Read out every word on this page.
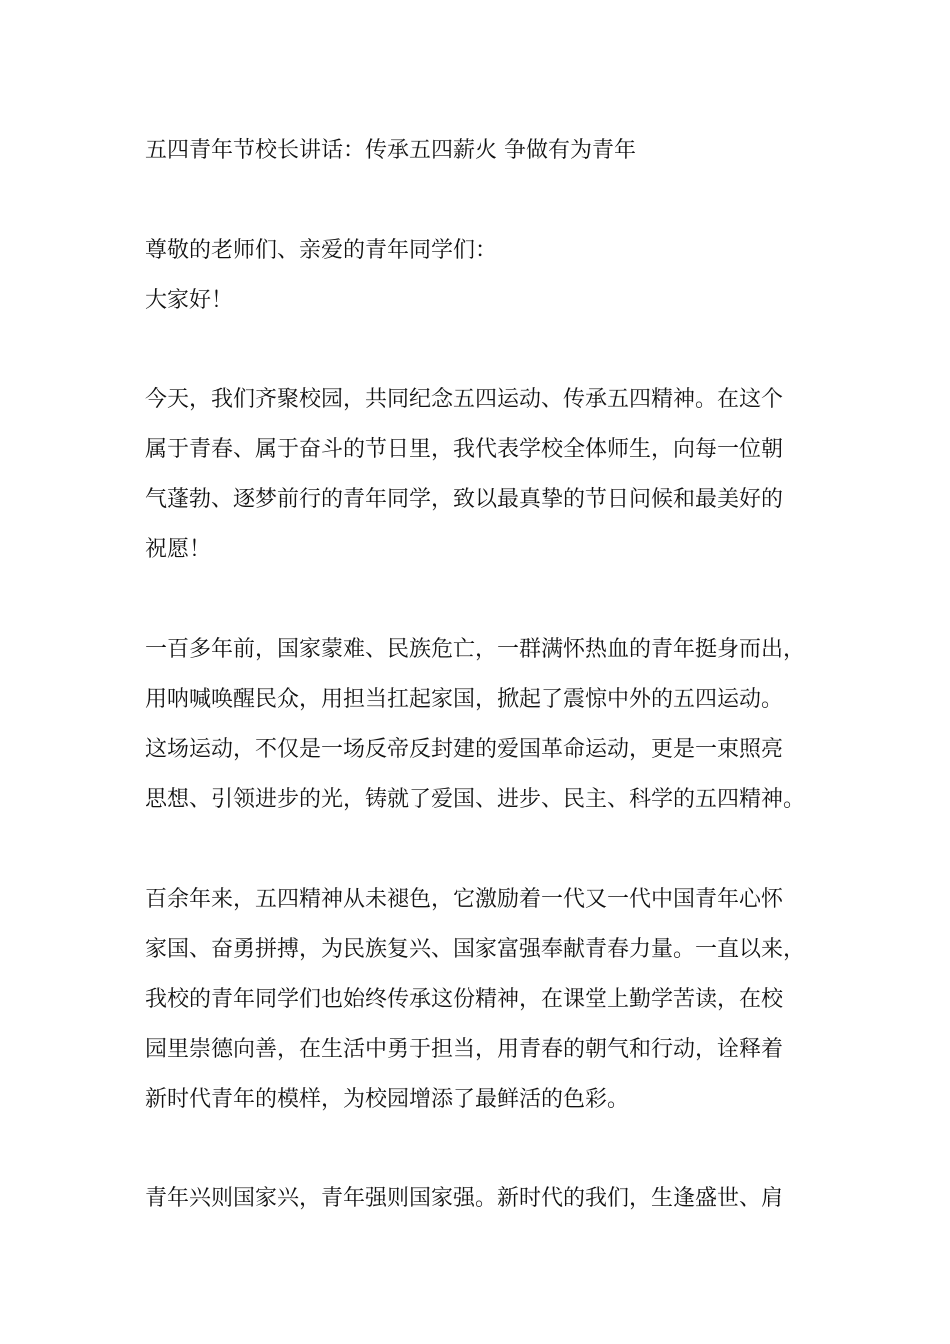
五四青年节校长讲话：传承五四薪火 争做有为青年
尊敬的老师们、亲爱的青年同学们：
大家好！
今天，我们齐聚校园，共同纪念五四运动、传承五四精神。在这个
属于青春、属于奋斗的节日里，我代表学校全体师生，向每一位朝
气蓬勃、逐梦前行的青年同学，致以最真挚的节日问候和最美好的
祝愿！
一百多年前，国家蒙难、民族危亡，一群满怀热血的青年挺身而出，
用呐喊唤醒民众，用担当扛起家国，掀起了震惊中外的五四运动。
这场运动，不仅是一场反帝反封建的爱国革命运动，更是一束照亮
思想、引领进步的光，铸就了爱国、进步、民主、科学的五四精神。
百余年来，五四精神从未褪色，它激励着一代又一代中国青年心怀
家国、奋勇拼搏，为民族复兴、国家富强奉献青春力量。一直以来，
我校的青年同学们也始终传承这份精神，在课堂上勤学苦读，在校
园里崇德向善，在生活中勇于担当，用青春的朝气和行动，诠释着
新时代青年的模样，为校园增添了最鲜活的色彩。
青年兴则国家兴，青年强则国家强。新时代的我们，生逢盛世、肩
